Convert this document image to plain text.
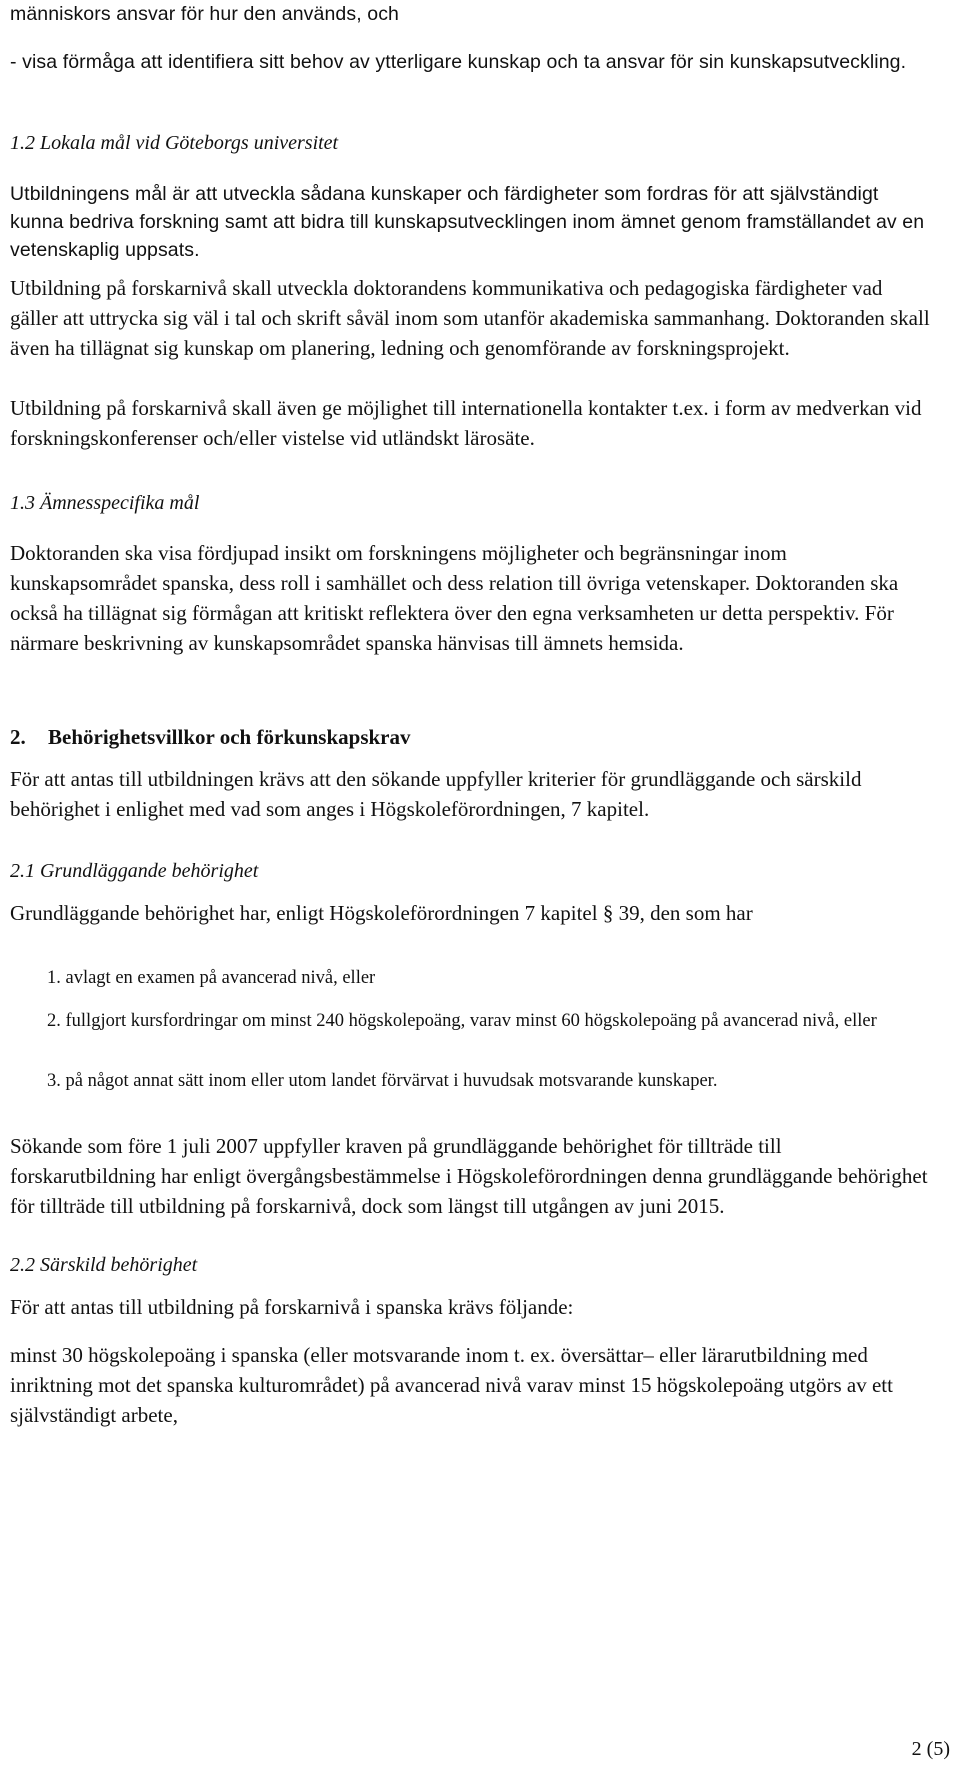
människors ansvar för hur den används, och

- visa förmåga att identifiera sitt behov av ytterligare kunskap och ta ansvar för sin kunskapsutveckling.

1.2 Lokala mål vid Göteborgs universitet

Utbildningens mål är att utveckla sådana kunskaper och färdigheter som fordras för att självständigt kunna bedriva forskning samt att bidra till kunskapsutvecklingen inom ämnet genom framställandet av en vetenskaplig uppsats.

Utbildning på forskarnivå skall utveckla doktorandens kommunikativa och pedagogiska färdigheter vad gäller att uttrycka sig väl i tal och skrift såväl inom som utanför akademiska sammanhang. Doktoranden skall även ha tillägnat sig kunskap om planering, ledning och genomförande av forskningsprojekt.

Utbildning på forskarnivå skall även ge möjlighet till internationella kontakter t.ex. i form av medverkan vid forskningskonferenser och/eller vistelse vid utländskt lärosäte.

1.3 Ämnesspecifika mål

Doktoranden ska visa fördjupad insikt om forskningens möjligheter och begränsningar inom kunskapsområdet spanska, dess roll i samhället och dess relation till övriga vetenskaper. Doktoranden ska också ha tillägnat sig förmågan att kritiskt reflektera över den egna verksamheten ur detta perspektiv. För närmare beskrivning av kunskapsområdet spanska hänvisas till ämnets hemsida.

2. Behörighetsvillkor och förkunskapskrav

För att antas till utbildningen krävs att den sökande uppfyller kriterier för grundläggande och särskild behörighet i enlighet med vad som anges i Högskoleförordningen, 7 kapitel.

2.1 Grundläggande behörighet

Grundläggande behörighet har, enligt Högskoleförordningen 7 kapitel § 39, den som har

1. avlagt en examen på avancerad nivå, eller

2. fullgjort kursfordringar om minst 240 högskolepoäng, varav minst 60 högskolepoäng på avancerad nivå, eller

3. på något annat sätt inom eller utom landet förvärvat i huvudsak motsvarande kunskaper.

Sökande som före 1 juli 2007 uppfyller kraven på grundläggande behörighet för tillträde till forskarutbildning har enligt övergångsbestämmelse i Högskoleförordningen denna grundläggande behörighet för tillträde till utbildning på forskarnivå, dock som längst till utgången av juni 2015.

2.2 Särskild behörighet

För att antas till utbildning på forskarnivå i spanska krävs följande:

minst 30 högskolepoäng i spanska (eller motsvarande inom t. ex. översättar– eller lärarutbildning med inriktning mot det spanska kulturområdet) på avancerad nivå varav minst 15 högskolepoäng utgörs av ett självständigt arbete,

2 (5)
